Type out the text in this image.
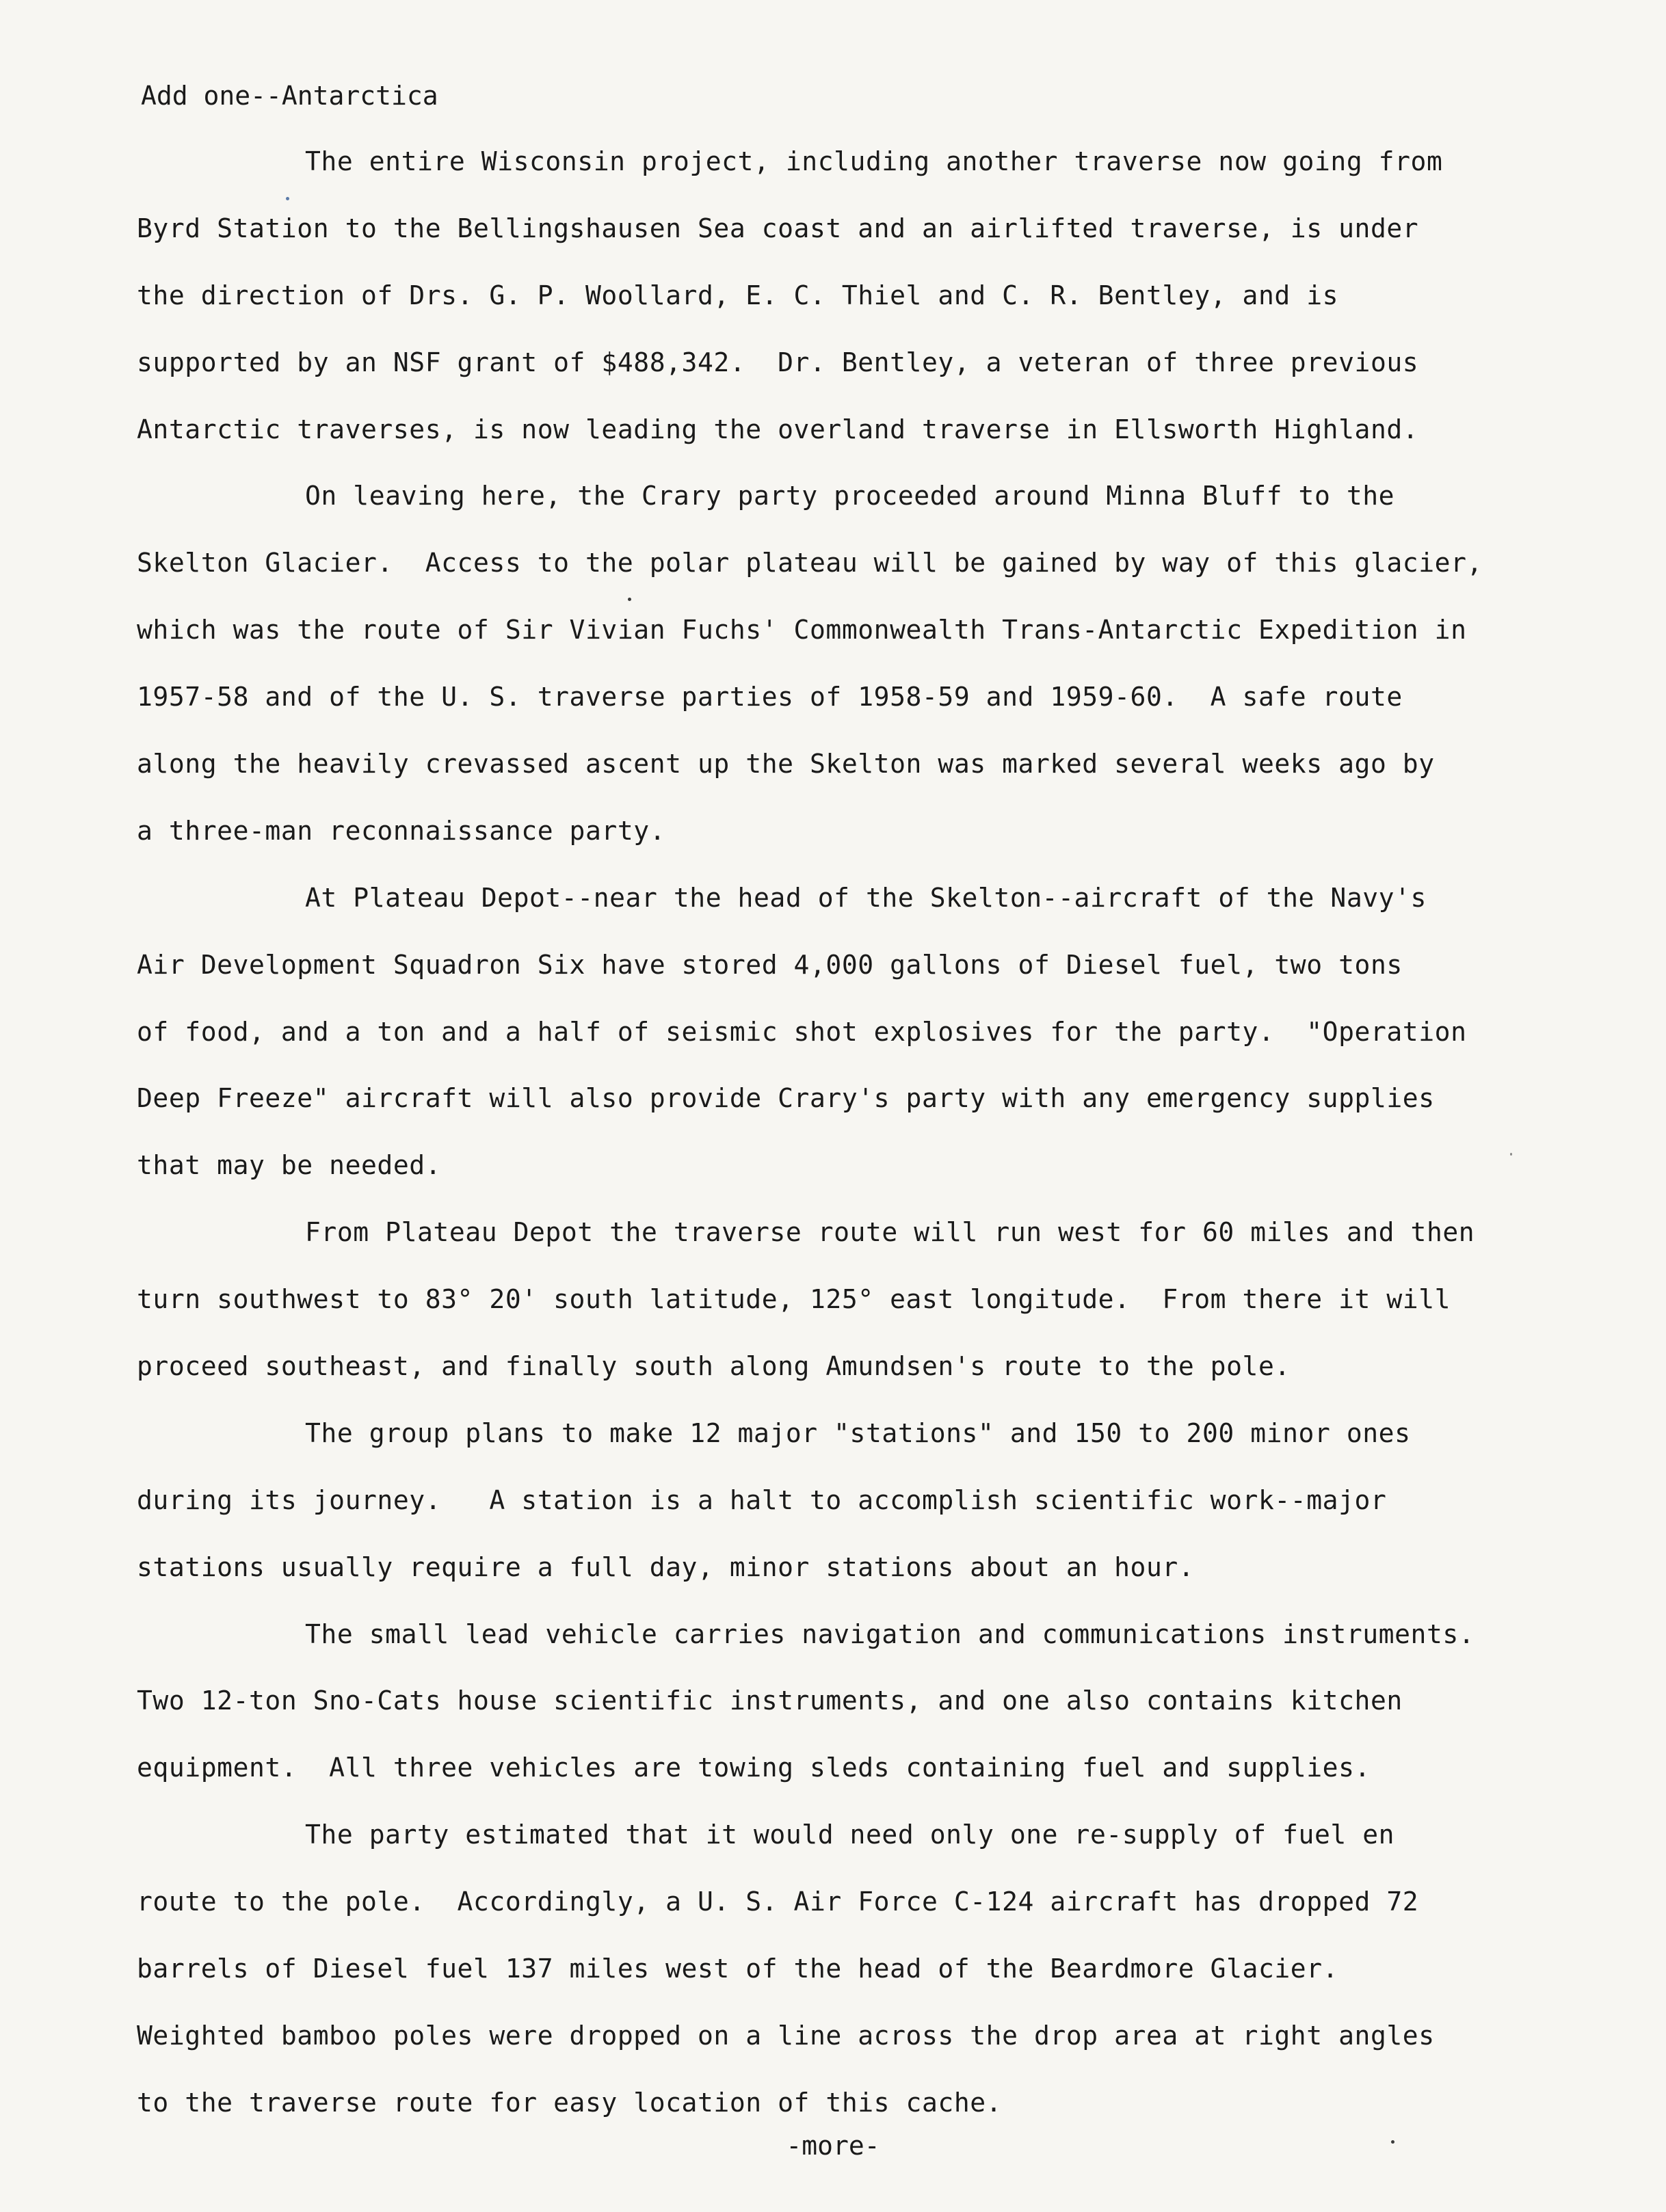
Add one--Antarctica
The entire Wisconsin project, including another traverse now going from
Byrd Station to the Bellingshausen Sea coast and an airlifted traverse, is under
the direction of Drs. G. P. Woollard, E. C. Thiel and C. R. Bentley, and is
supported by an NSF grant of $488,342.  Dr. Bentley, a veteran of three previous
Antarctic traverses, is now leading the overland traverse in Ellsworth Highland.
On leaving here, the Crary party proceeded around Minna Bluff to the
Skelton Glacier.  Access to the polar plateau will be gained by way of this glacier,
which was the route of Sir Vivian Fuchs' Commonwealth Trans-Antarctic Expedition in
1957-58 and of the U. S. traverse parties of 1958-59 and 1959-60.  A safe route
along the heavily crevassed ascent up the Skelton was marked several weeks ago by
a three-man reconnaissance party.
At Plateau Depot--near the head of the Skelton--aircraft of the Navy's
Air Development Squadron Six have stored 4,000 gallons of Diesel fuel, two tons
of food, and a ton and a half of seismic shot explosives for the party.  "Operation
Deep Freeze" aircraft will also provide Crary's party with any emergency supplies
that may be needed.
From Plateau Depot the traverse route will run west for 60 miles and then
turn southwest to 83° 20' south latitude, 125° east longitude.  From there it will
proceed southeast, and finally south along Amundsen's route to the pole.
The group plans to make 12 major "stations" and 150 to 200 minor ones
during its journey.   A station is a halt to accomplish scientific work--major
stations usually require a full day, minor stations about an hour.
The small lead vehicle carries navigation and communications instruments.
Two 12-ton Sno-Cats house scientific instruments, and one also contains kitchen
equipment.  All three vehicles are towing sleds containing fuel and supplies.
The party estimated that it would need only one re-supply of fuel en
route to the pole.  Accordingly, a U. S. Air Force C-124 aircraft has dropped 72
barrels of Diesel fuel 137 miles west of the head of the Beardmore Glacier.
Weighted bamboo poles were dropped on a line across the drop area at right angles
to the traverse route for easy location of this cache.
-more-
